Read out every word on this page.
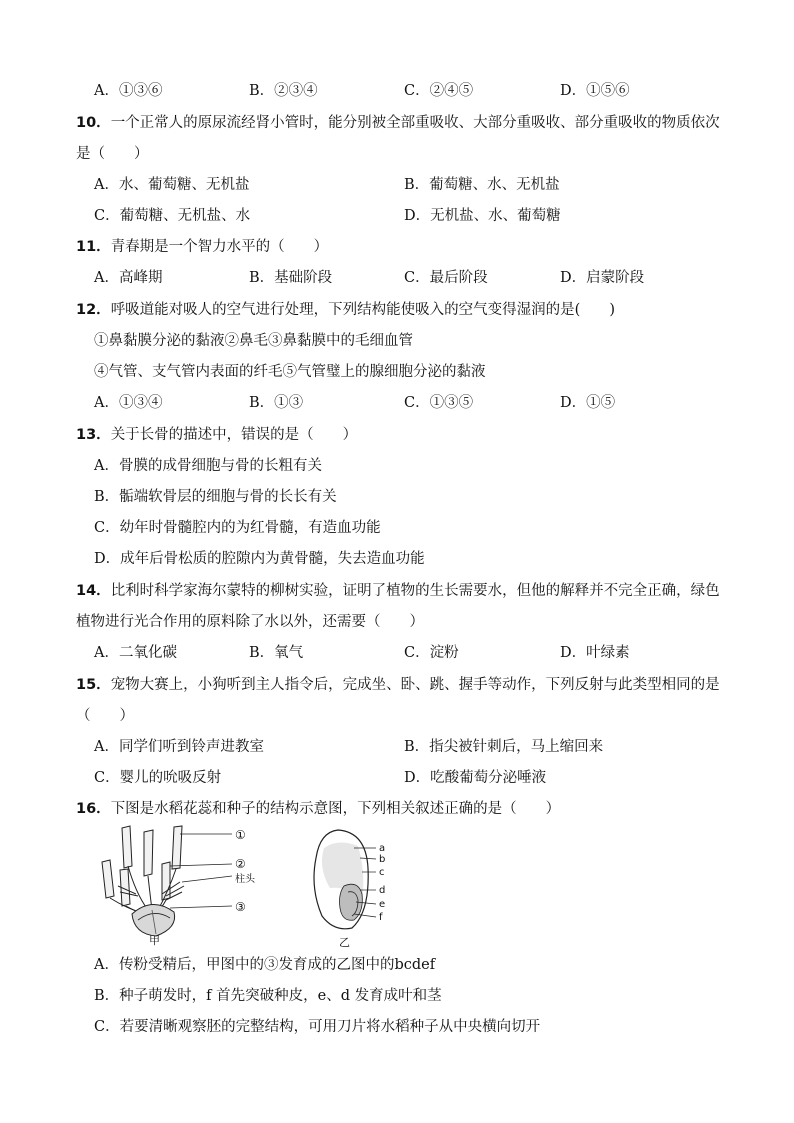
A．①③⑥	B．②③④	C．②④⑤	D．①⑤⑥
10．一个正常人的原尿流经肾小管时，能分别被全部重吸收、大部分重吸收、部分重吸收的物质依次
是（　　）
A．水、葡萄糖、无机盐	B．葡萄糖、水、无机盐
C．葡萄糖、无机盐、水	D．无机盐、水、葡萄糖
11．青春期是一个智力水平的（　　）
A．高峰期	B．基础阶段	C．最后阶段	D．启蒙阶段
12．呼吸道能对吸人的空气进行处理，下列结构能使吸入的空气变得湿润的是(　　)
①鼻黏膜分泌的黏液②鼻毛③鼻黏膜中的毛细血管
④气管、支气管内表面的纤毛⑤气管璧上的腺细胞分泌的黏液
A．①③④	B．①③	C．①③⑤	D．①⑤
13．关于长骨的描述中，错误的是（　　）
A．骨膜的成骨细胞与骨的长粗有关
B．骺端软骨层的细胞与骨的长长有关
C．幼年时骨髓腔内的为红骨髓，有造血功能
D．成年后骨松质的腔隙内为黄骨髓，失去造血功能
14．比利时科学家海尔蒙特的柳树实验，证明了植物的生长需要水，但他的解释并不完全正确，绿色
植物进行光合作用的原料除了水以外，还需要（　　）
A．二氧化碳	B．氧气	C．淀粉	D．叶绿素
15．宠物大赛上，小狗听到主人指令后，完成坐、卧、跳、握手等动作，下列反射与此类型相同的是
（　　）
A．同学们听到铃声进教室	B．指尖被针刺后，马上缩回来
C．婴儿的吮吸反射	D．吃酸葡萄分泌唾液
16．下图是水稻花蕊和种子的结构示意图，下列相关叙述正确的是（　　）
①
②
柱头
③
甲
a
b
c
d
e
f
乙
A．传粉受精后，甲图中的③发育成的乙图中的bcdef
B．种子萌发时，f 首先突破种皮，e、d 发育成叶和茎
C．若要清晰观察胚的完整结构，可用刀片将水稻种子从中央横向切开
